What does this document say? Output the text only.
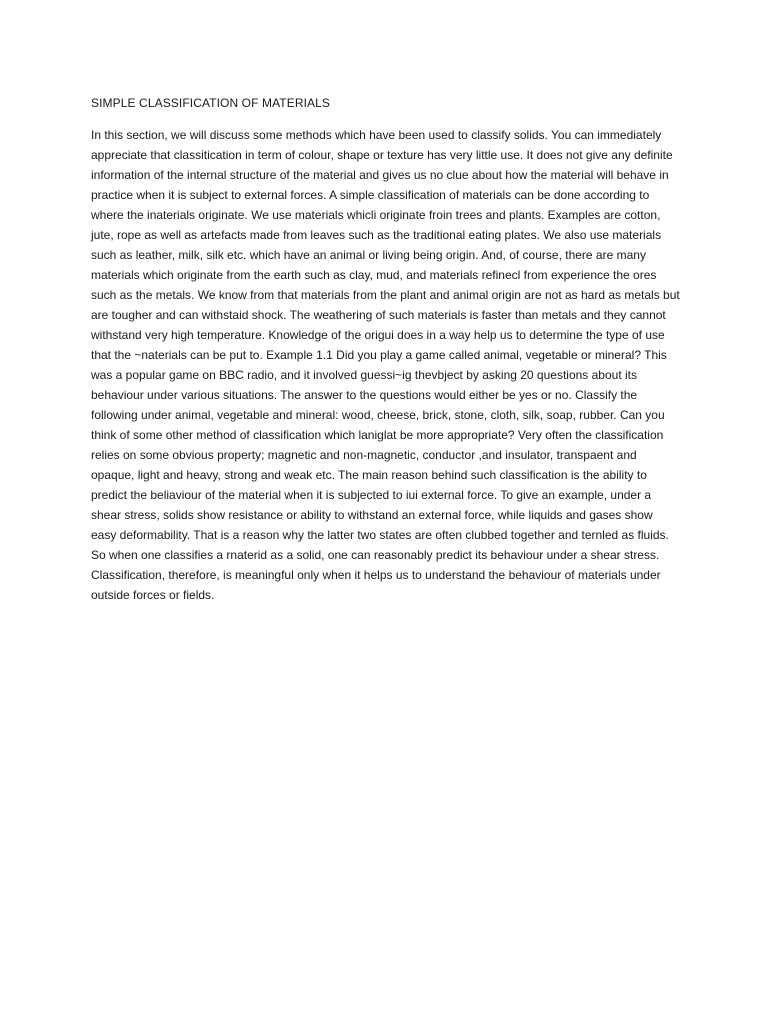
SIMPLE CLASSIFICATION OF MATERIALS

In this section, we will discuss some methods which have been used to classify solids. You can immediately appreciate that classitication in term of colour, shape or texture has very little use. It does not give any definite information of the internal structure of the material and gives us no clue about how the material will behave in practice when it is subject to external forces. A simple classification of materials can be done according to where the inaterials originate. We use materials whicli originate froin trees and plants. Examples are cotton, jute, rope as well as artefacts made from leaves such as the traditional eating plates. We also use materials such as leather, milk, silk etc. which have an animal or living being origin. And, of course, there are many materials which originate from the earth such as clay, mud, and materials refinecl from experience the ores such as the metals. We know from that materials from the plant and animal origin are not as hard as metals but are tougher and can withstaid shock. The weathering of such materials is faster than metals and they cannot withstand very high temperature. Knowledge of the origui does in a way help us to determine the type of use that the ~naterials can be put to. Example 1.1 Did you play a game called animal, vegetable or mineral? This was a popular game on BBC radio, and it involved guessi~ig thevbject by asking 20 questions about its behaviour under various situations. The answer to the questions would either be yes or no. Classify the following under animal, vegetable and mineral: wood, cheese, brick, stone, cloth, silk, soap, rubber. Can you think of some other method of classification which laniglat be more appropriate? Very often the classification relies on some obvious property; magnetic and non-magnetic, conductor ,and insulator, transpaent and opaque, light and heavy, strong and weak etc. The main reason behind such classification is the ability to predict the beliaviour of the material when it is subjected to iui external force. To give an example, under a shear stress, solids show resistance or ability to withstand an external force, while liquids and gases show easy deformability. That is a reason why the latter two states are often clubbed together and ternled as fluids. So when one classifies a rnaterid as a solid, one can reasonably predict its behaviour under a shear stress. Classification, therefore, is meaningful only when it helps us to understand the behaviour of materials under outside forces or fields.
